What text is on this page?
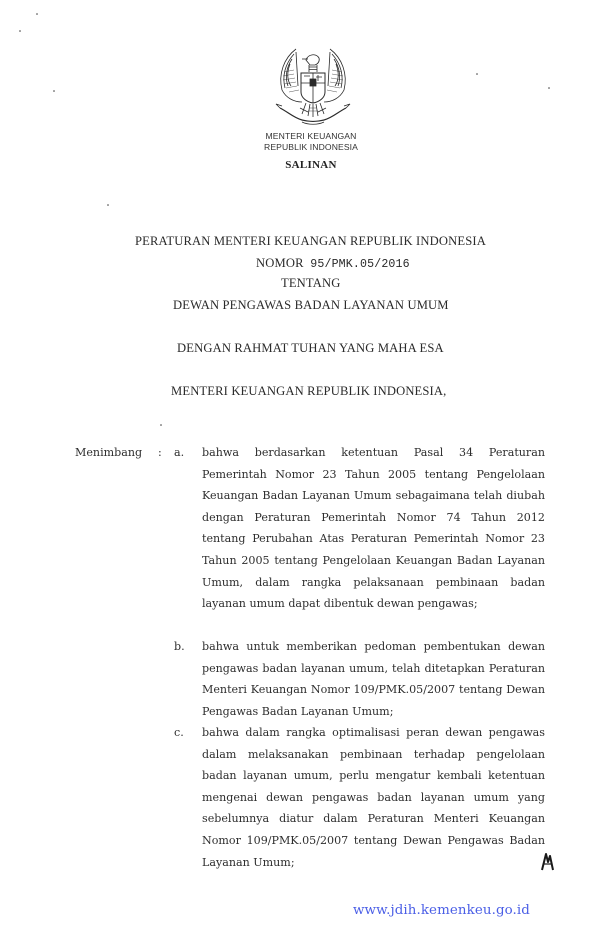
MENTERI KEUANGAN
REPUBLIK INDONESIA
SALINAN
PERATURAN MENTERI KEUANGAN REPUBLIK INDONESIA
NOMOR 95/PMK.05/2016
TENTANG
DEWAN PENGAWAS BADAN LAYANAN UMUM
DENGAN RAHMAT TUHAN YANG MAHA ESA
MENTERI KEUANGAN REPUBLIK INDONESIA,
Menimbang : a. bahwa berdasarkan ketentuan Pasal 34 Peraturan Pemerintah Nomor 23 Tahun 2005 tentang Pengelolaan Keuangan Badan Layanan Umum sebagaimana telah diubah dengan Peraturan Pemerintah Nomor 74 Tahun 2012 tentang Perubahan Atas Peraturan Pemerintah Nomor 23 Tahun 2005 tentang Pengelolaan Keuangan Badan Layanan Umum, dalam rangka pelaksanaan pembinaan badan layanan umum dapat dibentuk dewan pengawas;
b. bahwa untuk memberikan pedoman pembentukan dewan pengawas badan layanan umum, telah ditetapkan Peraturan Menteri Keuangan Nomor 109/PMK.05/2007 tentang Dewan Pengawas Badan Layanan Umum;
c. bahwa dalam rangka optimalisasi peran dewan pengawas dalam melaksanakan pembinaan terhadap pengelolaan badan layanan umum, perlu mengatur kembali ketentuan mengenai dewan pengawas badan layanan umum yang sebelumnya diatur dalam Peraturan Menteri Keuangan Nomor 109/PMK.05/2007 tentang Dewan Pengawas Badan Layanan Umum;
www.jdih.kemenkeu.go.id
